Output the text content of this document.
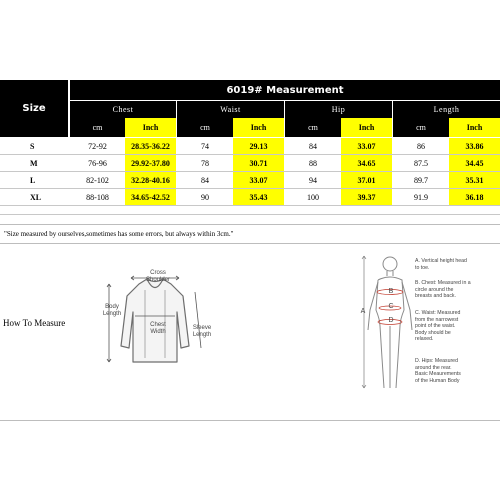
Size
6019# Measurement
Chest	Waist	Hip	Length
cm	Inch	cm	Inch	cm	Inch	cm	Inch
S	72-92	28.35-36.22	74	29.13	84	33.07	86	33.86
M	76-96	29.92-37.80	78	30.71	88	34.65	87.5	34.45
L	82-102	32.28-40.16	84	33.07	94	37.01	89.7	35.31
XL	88-108	34.65-42.52	90	35.43	100	39.37	91.9	36.18
"Size measured by ourselves,sometimes has some errors, but always within 3cm."
How To Measure
Cross
Shoulder
Body
Length
Chest
Width
Sleeve
Length
A
B
C
D
A. Vertical height head
to toe.
B. Chest: Measured in a
circle around the
breasts and back.
C. Waist: Measured
from the narrowest
point of the waist.
Body should be
relaxed.
D. Hips: Measured
around the rear.
Basic Meaurements
of the Human Body
